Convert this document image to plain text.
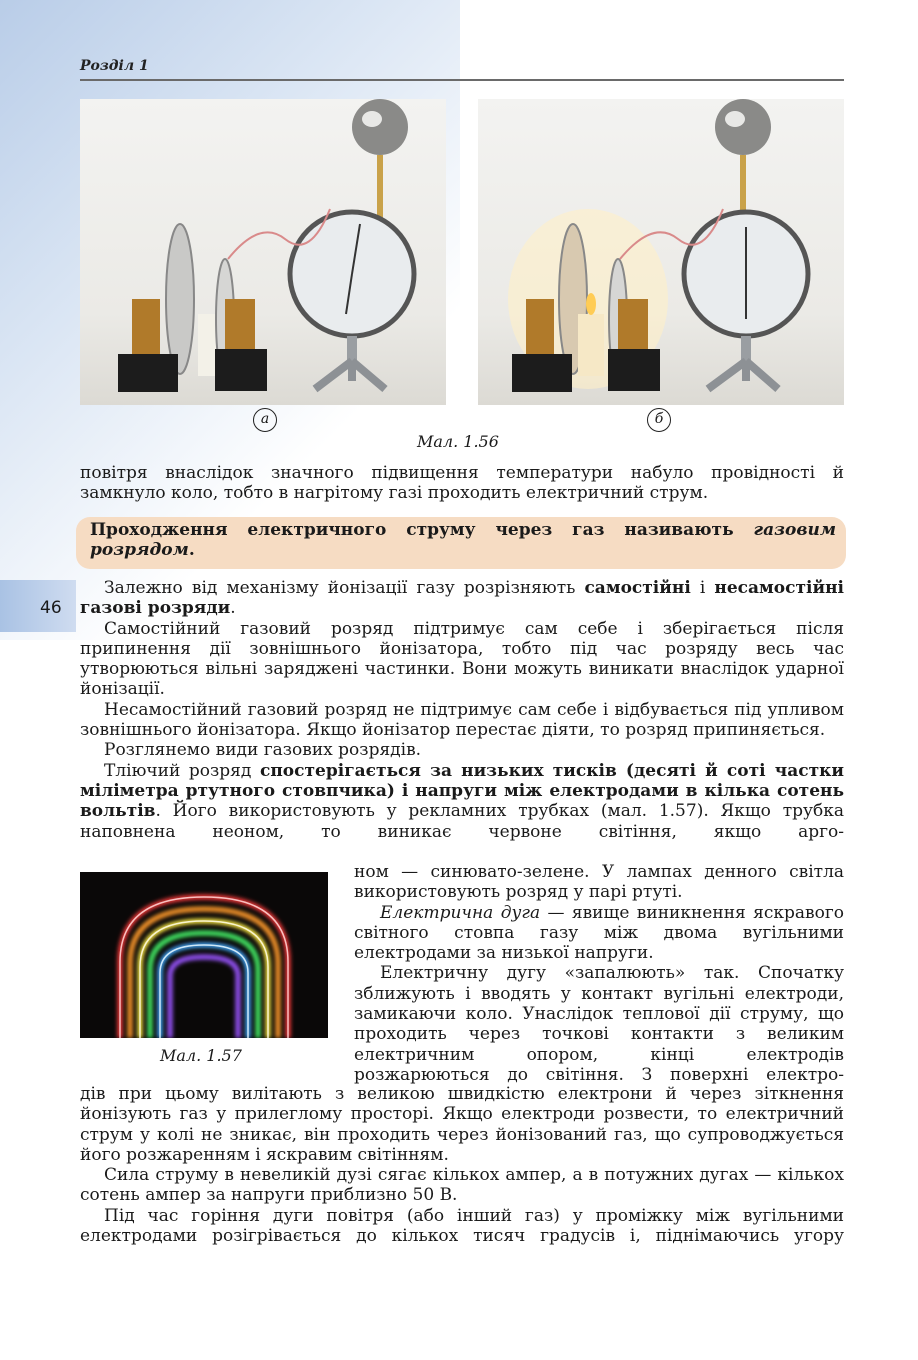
46
Розділ 1
а	б
Мал. 1.56

повітря внаслідок значного підвищення температури набуло провідності й замкнуло коло, тобто в нагрітому газі проходить електричний струм.

Проходження електричного струму через газ називають газовим розрядом.

Залежно від механізму йонізації газу розрізняють самостійні і несамостійні газові розряди.

Самостійний газовий розряд підтримує сам себе і зберігається після припинення дії зовнішнього йонізатора, тобто під час розряду весь час утворюються вільні заряджені частинки. Вони можуть виникати внаслідок ударної йонізації.

Несамостійний газовий розряд не підтримує сам себе і відбувається під упливом зовнішнього йонізатора. Якщо йонізатор перестає діяти, то розряд припиняється.

Розглянемо види газових розрядів.

Тліючий розряд спостерігається за низьких тисків (десяті й соті частки міліметра ртутного стовпчика) і напруги між електродами в кілька сотень вольтів. Його використовують у рекламних трубках (мал. 1.57). Якщо трубка наповнена неоном, то виникає червоне світіння, якщо арго-

Мал. 1.57

ном — синювато-зелене. У лампах денного світла використовують розряд у парі ртуті.

Електрична дуга — явище виникнення яскравого світного стовпа газу між двома вугільними електродами за низької напруги.

Електричну дугу «запалюють» так. Спочатку зближують і вводять у контакт вугільні електроди, замикаючи коло. Унаслідок теплової дії струму, що проходить через точкові контакти з великим електричним опором, кінці електродів розжарюються до світіння. З поверхні електро-

дів при цьому вилітають з великою швидкістю електрони й через зіткнення йонізують газ у прилеглому просторі. Якщо електроди розвести, то електричний струм у колі не зникає, він проходить через йонізований газ, що супроводжується його розжаренням і яскравим світінням.

Сила струму в невеликій дузі сягає кількох ампер, а в потужних дугах — кількох сотень ампер за напруги приблизно 50 В.

Під час горіння дуги повітря (або інший газ) у проміжку між вугільними електродами розігрівається до кількох тисяч градусів і, піднімаючись угору
